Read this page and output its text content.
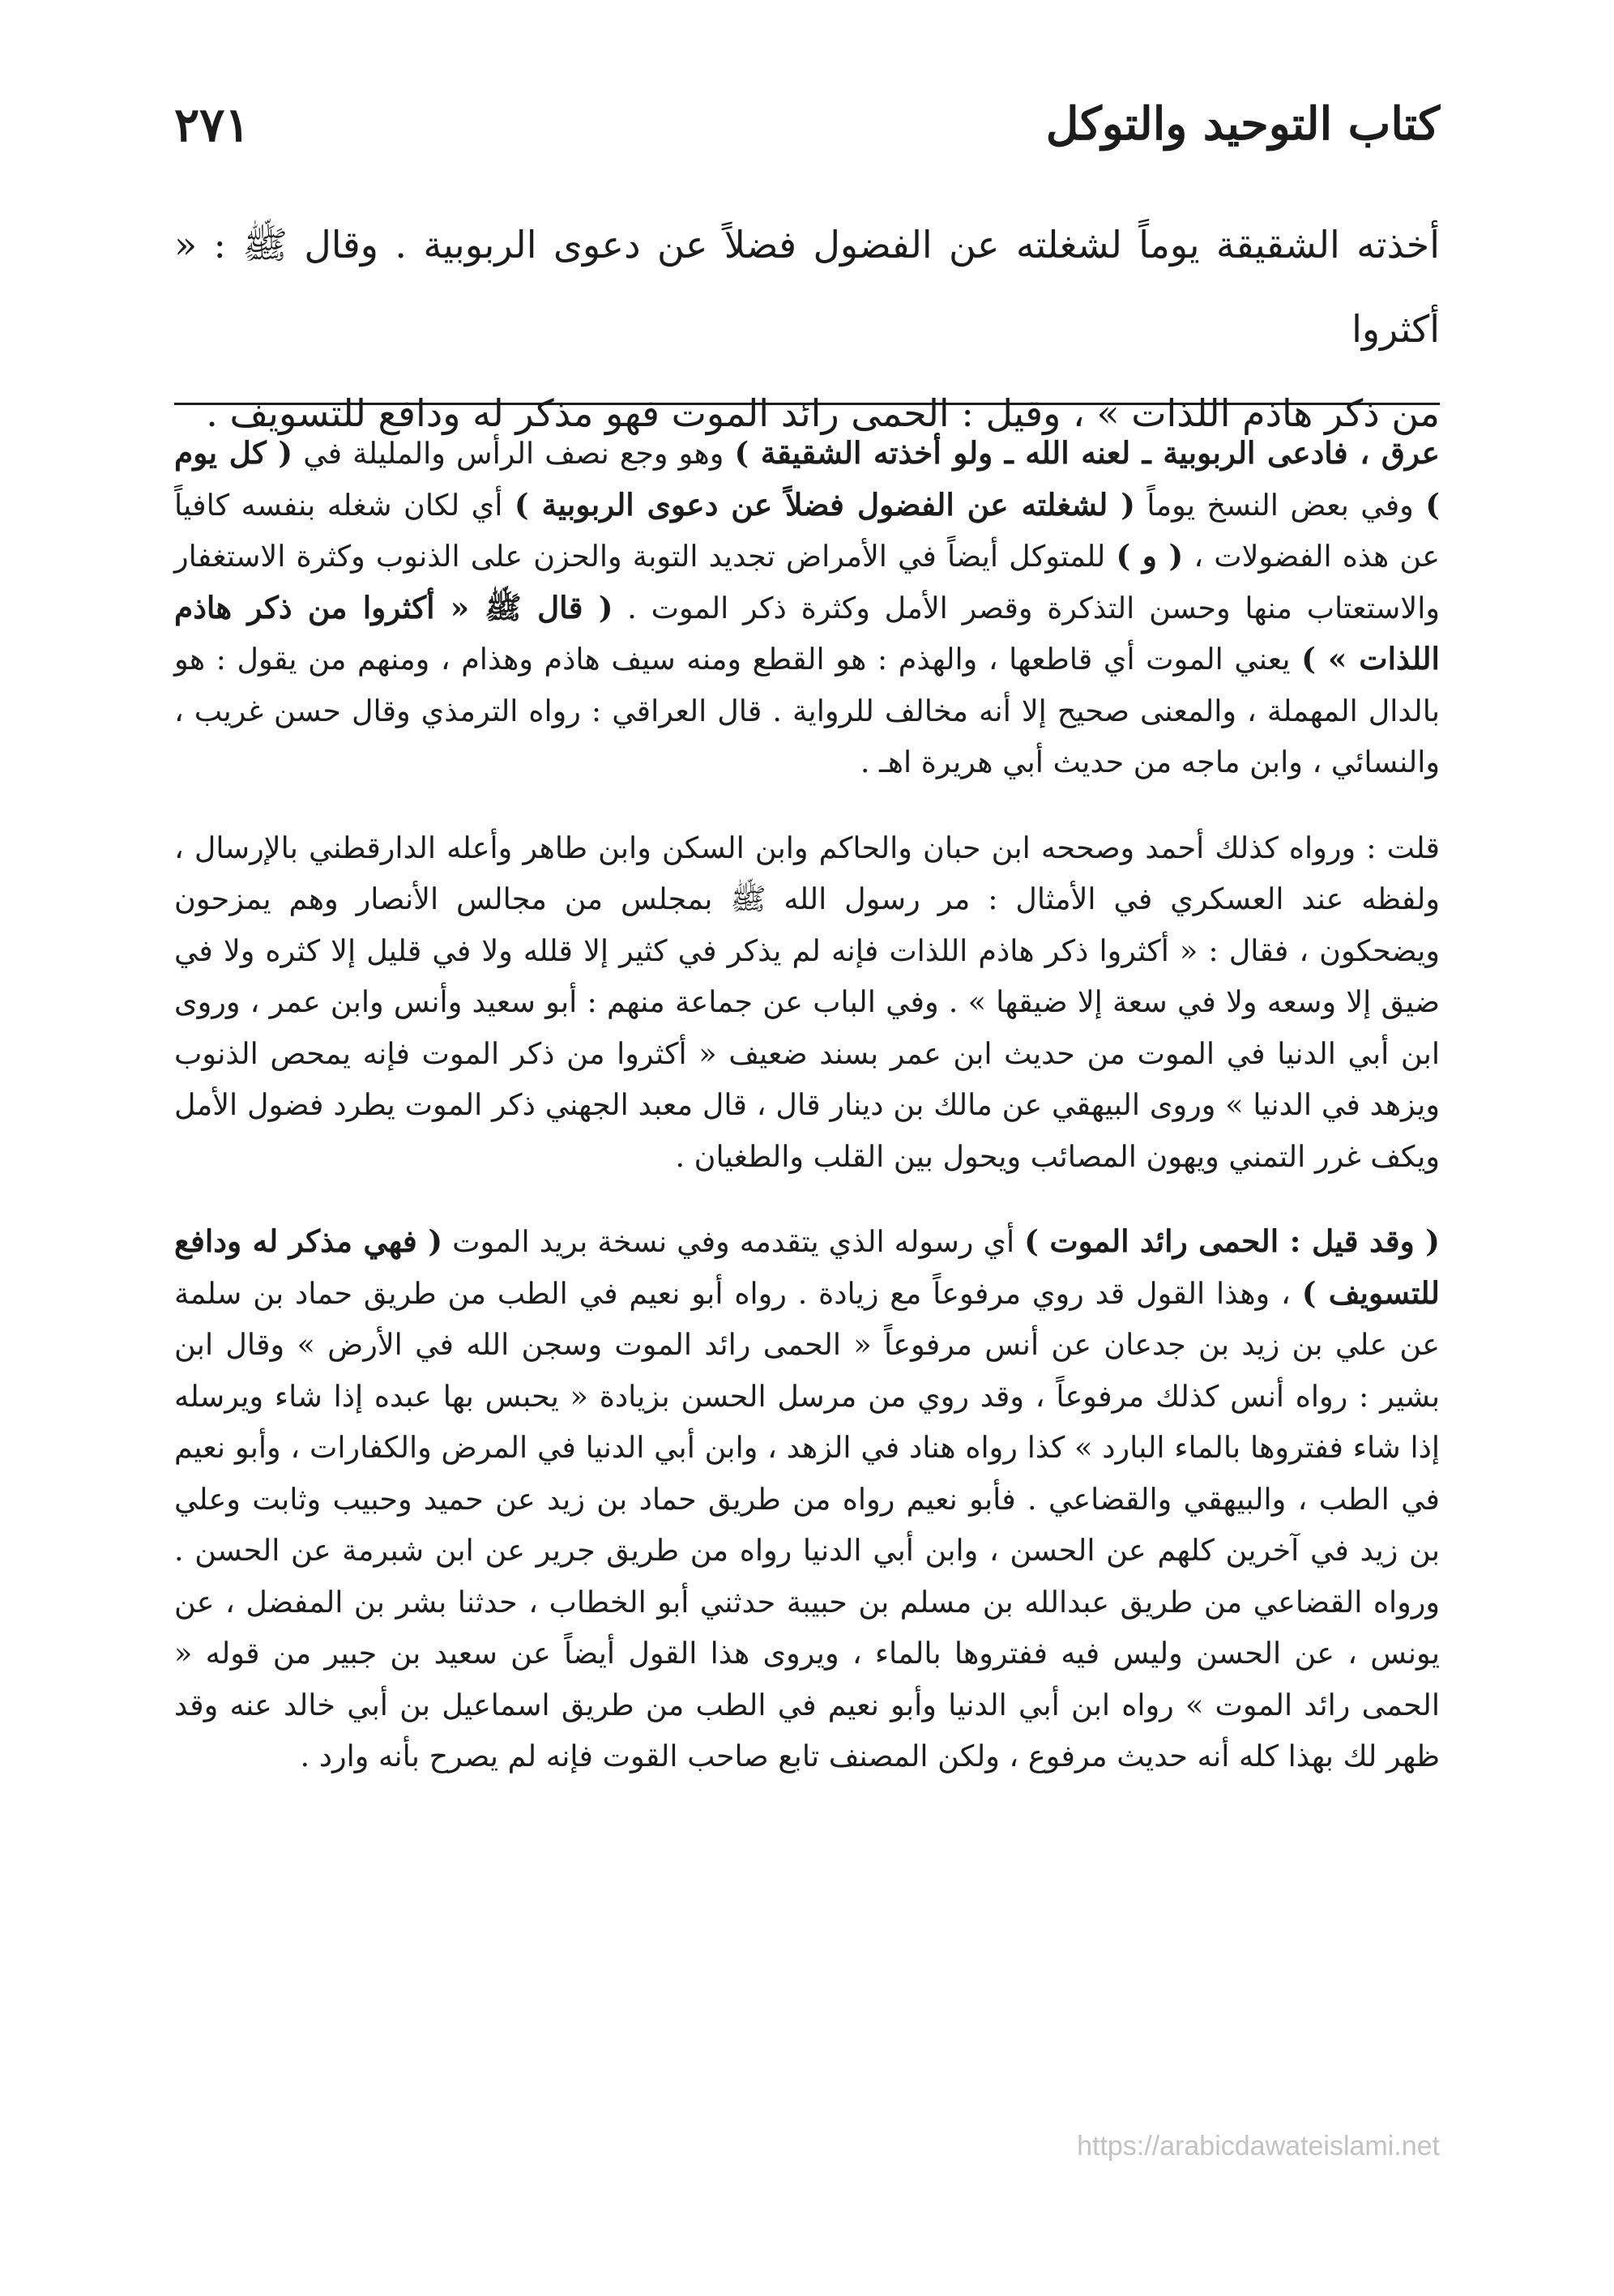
كتاب التوحيد والتوكل
٢٧١
أخذته الشقيقة يوماً لشغلته عن الفضول فضلاً عن دعوى الربوبية . وقال ﷺ : « أكثروا
من ذكر هاذم اللذات » ، وقيل : الحمى رائد الموت فهو مذكر له ودافع للتسويف .

عرق ، فادعى الربوبية ـ لعنه الله ـ ولو أخذته الشقيقة ) وهو وجع نصف الرأس والمليلة في ( كل يوم ) وفي بعض النسخ يوماً ( لشغلته عن الفضول فضلاً عن دعوى الربوبية ) أي لكان شغله بنفسه كافياً عن هذه الفضولات ، ( و ) للمتوكل أيضاً في الأمراض تجديد التوبة والحزن على الذنوب وكثرة الاستغفار والاستعتاب منها وحسن التذكرة وقصر الأمل وكثرة ذكر الموت . ( قال ﷺ « أكثروا من ذكر هاذم اللذات » ) يعني الموت أي قاطعها ، والهذم : هو القطع ومنه سيف هاذم وهذام ، ومنهم من يقول : هو بالدال المهملة ، والمعنى صحيح إلا أنه مخالف للرواية . قال العراقي : رواه الترمذي وقال حسن غريب ، والنسائي ، وابن ماجه من حديث أبي هريرة اهـ .

قلت : ورواه كذلك أحمد وصححه ابن حبان والحاكم وابن السكن وابن طاهر وأعله الدارقطني بالإرسال ، ولفظه عند العسكري في الأمثال : مر رسول الله ﷺ بمجلس من مجالس الأنصار وهم يمزحون ويضحكون ، فقال : « أكثروا ذكر هاذم اللذات فإنه لم يذكر في كثير إلا قلله ولا في قليل إلا كثره ولا في ضيق إلا وسعه ولا في سعة إلا ضيقها » . وفي الباب عن جماعة منهم : أبو سعيد وأنس وابن عمر ، وروى ابن أبي الدنيا في الموت من حديث ابن عمر بسند ضعيف « أكثروا من ذكر الموت فإنه يمحص الذنوب ويزهد في الدنيا » وروى البيهقي عن مالك بن دينار قال ، قال معبد الجهني ذكر الموت يطرد فضول الأمل ويكف غرر التمني ويهون المصائب ويحول بين القلب والطغيان .

( وقد قيل : الحمى رائد الموت ) أي رسوله الذي يتقدمه وفي نسخة بريد الموت ( فهي مذكر له ودافع للتسويف ) ، وهذا القول قد روي مرفوعاً مع زيادة . رواه أبو نعيم في الطب من طريق حماد بن سلمة عن علي بن زيد بن جدعان عن أنس مرفوعاً « الحمى رائد الموت وسجن الله في الأرض » وقال ابن بشير : رواه أنس كذلك مرفوعاً ، وقد روي من مرسل الحسن بزيادة « يحبس بها عبده إذا شاء ويرسله إذا شاء ففتروها بالماء البارد » كذا رواه هناد في الزهد ، وابن أبي الدنيا في المرض والكفارات ، وأبو نعيم في الطب ، والبيهقي والقضاعي . فأبو نعيم رواه من طريق حماد بن زيد عن حميد وحبيب وثابت وعلي بن زيد في آخرين كلهم عن الحسن ، وابن أبي الدنيا رواه من طريق جرير عن ابن شبرمة عن الحسن . ورواه القضاعي من طريق عبدالله بن مسلم بن حبيبة حدثني أبو الخطاب ، حدثنا بشر بن المفضل ، عن يونس ، عن الحسن وليس فيه ففتروها بالماء ، ويروى هذا القول أيضاً عن سعيد بن جبير من قوله « الحمى رائد الموت » رواه ابن أبي الدنيا وأبو نعيم في الطب من طريق اسماعيل بن أبي خالد عنه وقد ظهر لك بهذا كله أنه حديث مرفوع ، ولكن المصنف تابع صاحب القوت فإنه لم يصرح بأنه وارد .

https://arabicdawateislami.net
